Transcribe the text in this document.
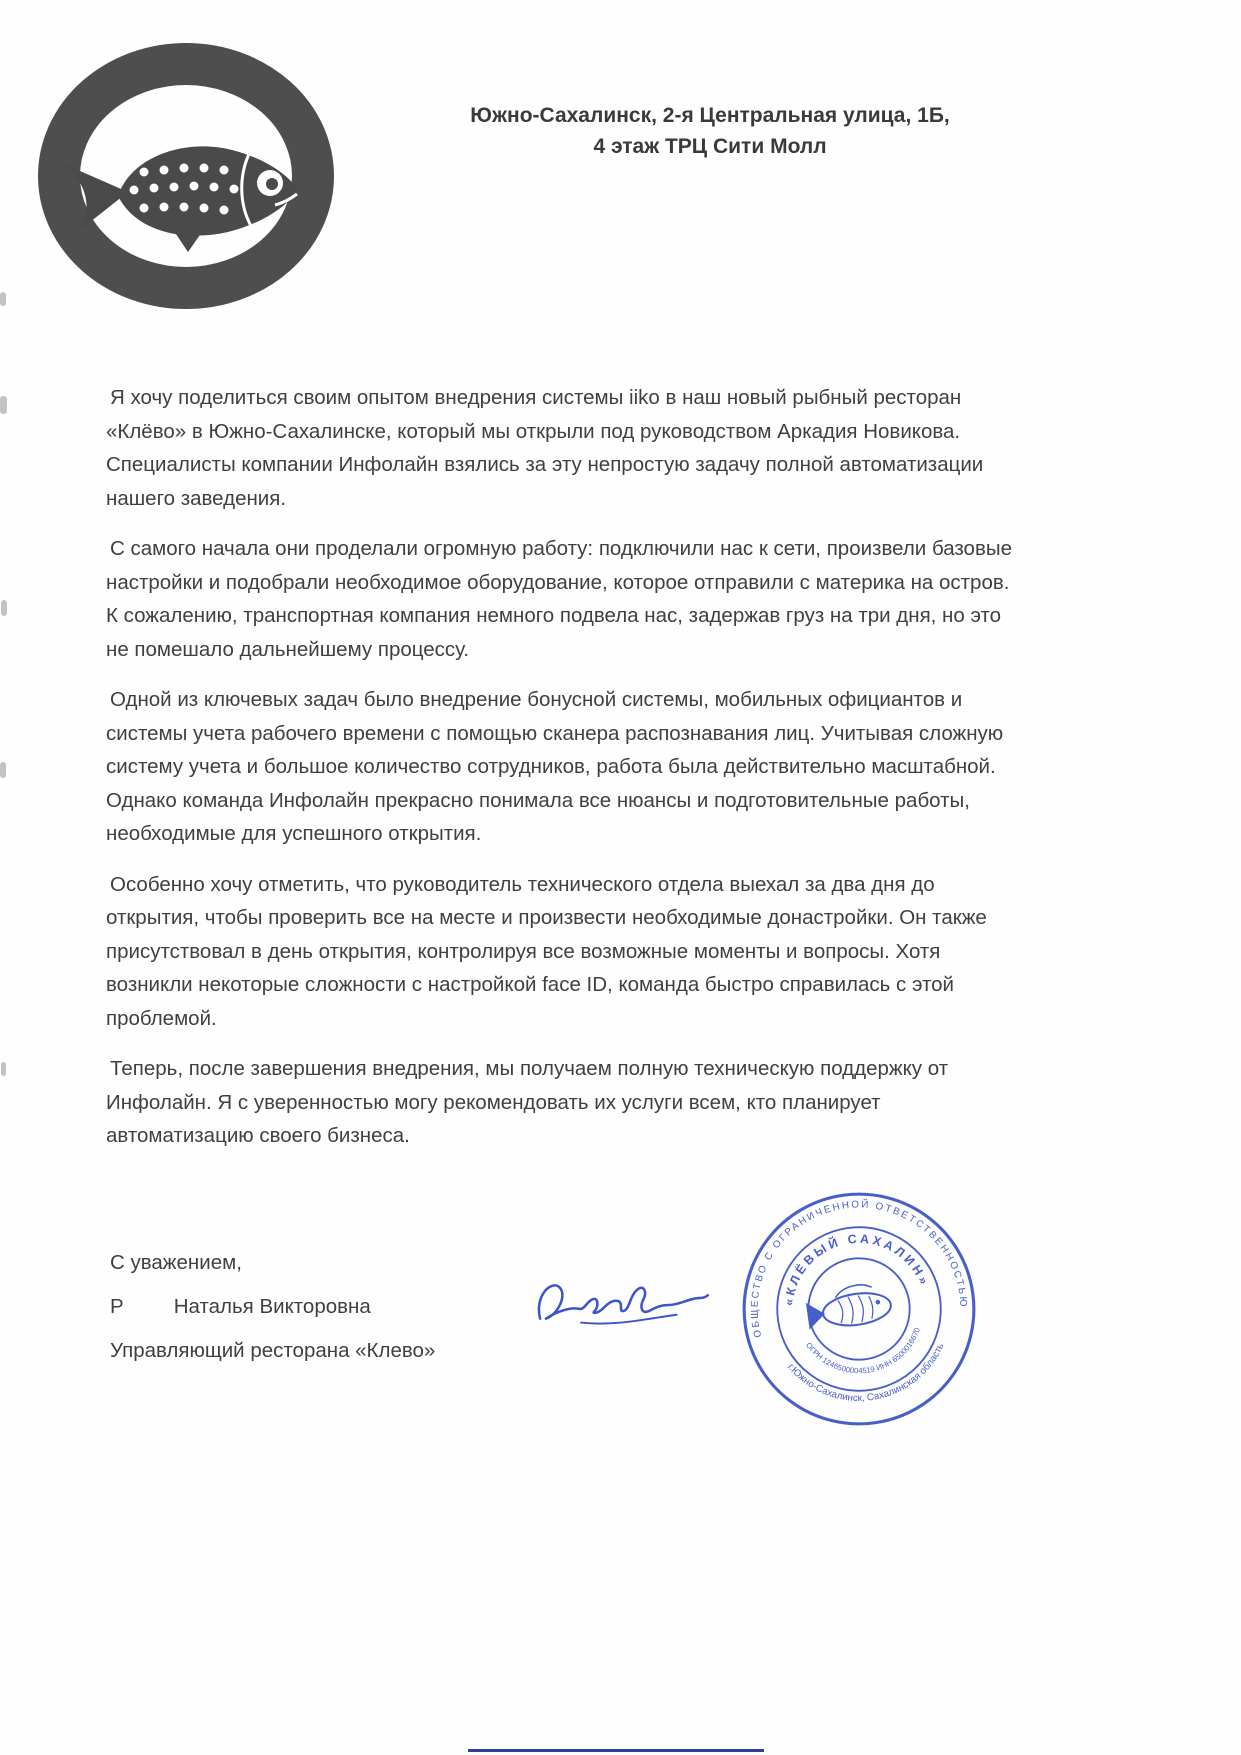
Южно-Сахалинск, 2-я Центральная улица, 1Б,
4 этаж ТРЦ Сити Молл

Я хочу поделиться своим опытом внедрения системы iiko в наш новый рыбный ресторан «Клёво» в Южно-Сахалинске, который мы открыли под руководством Аркадия Новикова. Специалисты компании Инфолайн взялись за эту непростую задачу полной автоматизации нашего заведения.

С самого начала они проделали огромную работу: подключили нас к сети, произвели базовые настройки и подобрали необходимое оборудование, которое отправили с материка на остров. К сожалению, транспортная компания немного подвела нас, задержав груз на три дня, но это не помешало дальнейшему процессу.

Одной из ключевых задач было внедрение бонусной системы, мобильных официантов и системы учета рабочего времени с помощью сканера распознавания лиц. Учитывая сложную систему учета и большое количество сотрудников, работа была действительно масштабной. Однако команда Инфолайн прекрасно понимала все нюансы и подготовительные работы, необходимые для успешного открытия.

Особенно хочу отметить, что руководитель технического отдела выехал за два дня до открытия, чтобы проверить все на месте и произвести необходимые донастройки. Он также присутствовал в день открытия, контролируя все возможные моменты и вопросы. Хотя возникли некоторые сложности с настройкой face ID, команда быстро справилась с этой проблемой.

Теперь, после завершения внедрения, мы получаем полную техническую поддержку от Инфолайн. Я с уверенностью могу рекомендовать их услуги всем, кто планирует автоматизацию своего бизнеса.

С уважением,
Р Наталья Викторовна
Управляющий ресторана «Клево»
ОБЩЕСТВО С ОГРАНИЧЕННОЙ ОТВЕТСТВЕННОСТЬЮ
г.Южно-Сахалинск, Сахалинская область
«КЛЁВЫЙ САХАЛИН»
ОГРН 1246500004519 ИНН 6500016670
